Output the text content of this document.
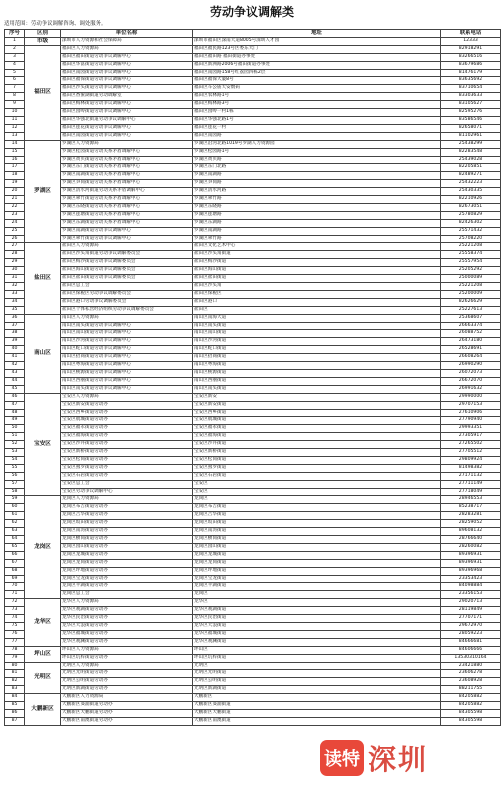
劳动争议调解类
适用范围：劳动争议调解咨询、调处服务。
序号	区别	单位名称	地址	联系电话
1	市级	深圳市人力资源和社会保障局	深圳市福田区深南大道8005号深圳人才园	12333
2	福田区	福田区人力资源局	福田区福民路123号区委东大门	82918291
3		福田区福田街道劳动争议调解中心	福田区福田路 福田街道办事处	83266516
4		福田区华富街道劳动争议调解中心	福田区新洲路2006号福田街道办事处	83679686
5		福田区南园街道劳动争议调解中心	福田区南园路158号红荔园四栋2层	81476179
6		福田区福保街道劳动争议调解中心	福田区福保大厦8号	83635692
7		福田区沙头街道劳动争议调解中心	福田区车公庙天安数码	83710654
8		福田区香蜜湖街道劳动调解室	福田区农林路1号	83303633
9		福田区梅林街道劳动争议调解中心	福田区梅林路3号	83105627
10		福田区园岭街道劳动争议调解中心	福田区园岭一村1栋	82595276
11		福田区华强北街道劳动争议调解中心	福田区华强北路1号	83586546
12		福田区莲花街道劳动争议调解中心	福田区莲花一村	82658071
13		福田区南园街道劳动争议调解中心	福田区南园路	81102961
14	罗湖区	罗湖区人力资源局	罗湖区沿河北路1019号罗湖人力资源园	25438299
15		罗湖区桂园街道劳动关系矛盾调解中心	罗湖区松园路1号	82283548
16		罗湖区黄贝街道劳动关系矛盾调解中心	罗湖区黄贝路	25439028
17		罗湖区东门街道劳动关系矛盾调解中心	罗湖区东门北路	82205851
18		罗湖区南湖街道劳动关系矛盾调解中心	罗湖区南湖路	82489271
19		罗湖区笋岗街道劳动关系矛盾调解中心	罗湖区笋岗路	25432223
20		罗湖区清水河街道劳动关系矛盾调解中心	罗湖区清水河路	25430335
21		罗湖区翠竹街道劳动关系矛盾调解中心	罗湖区翠竹路	82210926
22		罗湖区东晓街道劳动关系矛盾调解中心	罗湖区东晓路	82673051
23		罗湖区莲塘街道劳动关系矛盾调解中心	罗湖区莲塘路	25780829
24		罗湖区东湖街道劳动关系矛盾调解中心	罗湖区东湖路	82426302
25		罗湖区南湖街道劳动争议调解中心	罗湖区南湖路	25571432
26		罗湖区翠竹街道劳动争议调解中心	罗湖区翠竹路	25708220
27	盐田区	盐田区人力资源局	盐田区文化艺术中心	25221208
28		盐田区沙头角街道劳动争议调解委员会	盐田区沙头角街道	25558374
29		盐田区梅沙街道劳动争议调解委员会	盐田区梅沙街道	25557954
30		盐田区海山街道劳动争议调解委员会	盐田区海山街道	25205292
31		盐田区盐田街道劳动争议调解委员会	盐田区盐田街道	25000089
32		盐田区总工会	盐田区沙头角	25221208
33		盐田区保税区劳动争议调解委员会	盐田区保税区	25200009
34		盐田区港口劳动争议调解委员会	盐田区港口	82626629
35		盐田区个体私营经济组织劳动争议调解委员会	盐田区	25227613
36	南山区	南山区人力资源局	南山区南海大道	25368607
37		南山区南头街道劳动争议调解中心	南山区南头街道	26663374
38		南山区南山街道劳动争议调解中心	南山区南山街道	26088752
39		南山区沙河街道劳动争议调解中心	南山区沙河街道	26473180
40		南山区蛇口街道劳动争议调解中心	南山区蛇口街道	26528691
41		南山区招商街道劳动争议调解中心	南山区招商街道	26608264
42		南山区粤海街道劳动争议调解中心	南山区粤海街道	26990290
43		南山区桃源街道劳动争议调解中心	南山区桃源街道	26072073
44		南山区西丽街道劳动争议调解中心	南山区西丽街道	26672070
45		南山区南头街道劳动争议调解中心	南山区南头街道	26991632
46	宝安区	宝安区人力资源局	宝安区新安	29990000
47		宝安区新安街道劳动办	宝安区新安街道	29707153
48		宝安区西乡街道劳动办	宝安区西乡街道	27610906
49		宝安区航城街道劳动办	宝安区航城街道	27790940
50		宝安区福永街道劳动办	宝安区福永街道	29993351
51		宝安区福海街道劳动办	宝安区福海街道	27305917
52		宝安区沙井街道劳动办	宝安区沙井街道	27265502
53		宝安区新桥街道劳动办	宝安区新桥街道	27705512
54		宝安区松岗街道劳动办	宝安区松岗街道	29809924
55		宝安区燕罗街道劳动办	宝安区燕罗街道	81498382
56		宝安区石岩街道劳动办	宝安区石岩街道	27171132
57		宝安区总工会	宝安区	27711149
58		宝安区劳动争议调解中心	宝安区	27718049
59	龙岗区	龙岗区人力资源局	龙岗区	28946553
60		龙岗区布吉街道劳动办	龙岗区布吉街道	85238717
61		龙岗区吉华街道劳动办	龙岗区吉华街道	28283281
62		龙岗区坂田街道劳动办	龙岗区坂田街道	28259052
63		龙岗区南湾街道劳动办	龙岗区南湾街道	89608132
64		龙岗区横岗街道劳动办	龙岗区横岗街道	28766640
65		龙岗区园山街道劳动办	龙岗区园山街道	28260082
66		龙岗区龙城街道劳动办	龙岗区龙城街道	89396931
67		龙岗区龙岗街道劳动办	龙岗区龙岗街道	89396931
68		龙岗区坪地街道劳动办	龙岗区坪地街道	89396968
69		龙岗区宝龙街道劳动办	龙岗区宝龙街道	23353423
70		龙岗区平湖街道劳动办	龙岗区平湖街道	84098884
71		龙岗区总工会	龙岗区	23356153
72	龙华区	龙华区人力资源局	龙华区	29020713
73		龙华区观湖街道劳动办	龙华区观湖街道	28119849
74		龙华区民治街道劳动办	龙华区民治街道	27707171
75		龙华区大浪街道劳动办	龙华区大浪街道	29672970
76		龙华区福城街道劳动办	龙华区福城街道	28059223
77		龙华区观澜街道劳动办	龙华区观澜街道	84666681
78	坪山区	坪山区人力资源局	坪山区	84606666
79		坪山区坑梓街道劳动办	坪山区坑梓街道	13530310164
80	光明区	光明区人力资源局	光明区	23421880
81		光明区光明街道劳动办	光明区光明街道	23606278
82		光明区公明街道劳动办	光明区公明街道	23608928
83		光明区新湖街道劳动办	光明区新湖街道	88211755
84	大鹏新区	大鹏新区人力资源局	大鹏新区	84205882
85		大鹏新区葵涌街道劳动办	大鹏新区葵涌街道	84205882
86		大鹏新区大鹏街道劳动办	大鹏新区大鹏街道	84305598
87		大鹏新区南澳街道劳动办	大鹏新区南澳街道	84305598
读特 深圳
